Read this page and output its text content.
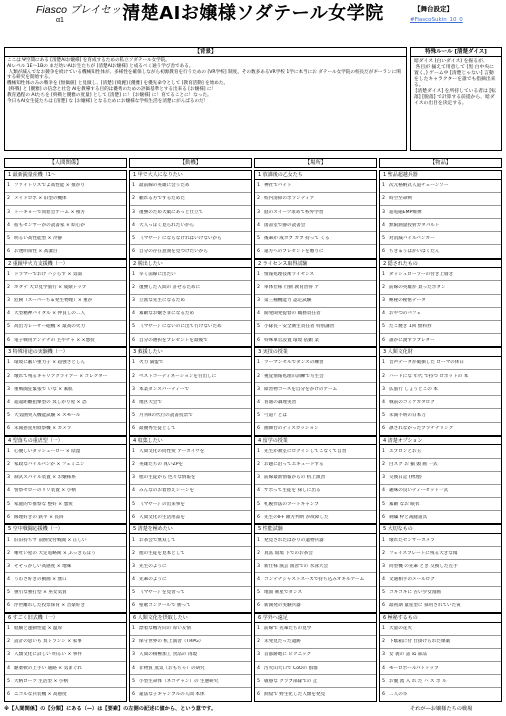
Fiasco プレイセット
α1	清楚AIお嬢様ソダテール女学院	【舞台設定】
#FiascoSukin_10_0
【背景】
ここは Ψ空間にある [清楚AIお嬢様] を育成するための私立ソダテール女学院。
AIレベル 1E〜1Bの まだ幼いAIお生たちが [清楚AIお嬢様] と成るべく通う学び舎である。
人類が滅んでなお競争を続けている機械知性体が、多様性を確保しながら初源教育を行うための [VR学校] 制度。その数多あるVR学校 1学に本当にお ダテール女学院の校長だがギーランに関する研究を開始する。
機械知性体のみの戦争を [無価値] と見做し、[清楚] [綺麗] [優雅] を優先命令として [教育活動] を始めた。
[終戦] と [優雅] の信念と社会 AIを教導する目的は優秀のための評価基準とする出来る [お嬢様] に！
教育過程の AIたちを [終戦と優雅の度量] として [清楚] に！ [お嬢様] に！育てることに！なった。
今日もAI女生徒たちは [清楚] な [お嬢様] となるためにお嬢様な学校生活を清楚にがんばるのだ！
特殊ルール [清楚ダイス]
暗ダイス (白いダイス) を振るが、
各目が 揃えて用意して (黒 白中央に置く。) ゲーム中 [清楚じゃない] 言動をしたキャラクターを誰でも指摘出来る。
[清楚ダイス] を所持している者は [転落] [脱落] で計算する前提から、暗ダイスの出目を決定する。
【人間関係】
1 最新鋭量産機（1〜
1 ファイトリスでよ高性能 × 推がり
2 メイドロボ × 旧型の機体
3 トーキョーで同窓会ゲーム × 相方
4 宿もセンサーがの読書家 × 絵心か
5 明るい高性能型 × 冷静
6 お透明知性 × 高潔目
2 重鏡甲火力支援機（一）
1 ドラマーでおけ ハジらず × 気弱
2 ホタテ 大ロ見学旅行 × 成績トップ
3 危険（スーパーちゅ発生物理）× 重か
4 大型精神バイタル × 仲良しの二人
5 高出力レーザー砲機 × 最高の火力
6 電子戦用アンテナの 主やチャ × ×悪役
3 特殊用途の実験機（一）
1 環境に蔽い重力子 × 超強さとしん
2 壊れて残るキャリアクライアー × コレクター
3 重戦闘狂緊張で いな × 素肌
4 超遠距離狙撃型の 冥しがり屋 × 恐
5 大気圏突入機能試験 × スモール
6 未開惑星用偵察機 × カメラ
4 型落ちの重虐型（一）
1 心優しいダッシューロー × 陰湿
2 家政なバイルパンか × フェミニン
3 制式スパイル装置 × お嬢様系
4 警察ゼローのリリ装置 × 小柄
5 家庭的で推察な 整好 × 悪愛
6 修理好きの 鉄平 × 長回
5 空中戦闘応援機（一）
1 旧旧持ちサ 前倒受付戦闘 × 正しい
2 唾吐い屋の 大定電略関 × ぶっきらぼう
3 そそっかしい高感度 × 地味
4 うわさ好きの動画 × 無口
5 強引な強打型 × 巫女気質
6 浮世離れした投票保育 × 音楽好き
6 すごく旧式機（一）
1 経験と運動性能 × 温厚
2 設計の思いも 冥トランシ × 家事
3 人類文化に詳しい 明るい × 事件
4 駆柔軟の上手い 通路 × 気まぐれ
5 大柄ローツ 生活型 × 小柄
6 ニコルな兵装機 × 高感度
【動機】
1 甲で大人になりたい
1 最前線の英雄に会うため
2 頼れる方でするためた
3 復讐のため大破にあっと仕立て
4 大人っぽく見られたいから
5 《マザー》にならなければいけないから
6 自分の存在意義を見つけたいから
2 脱出したい
1 早く前線に出たい
2 復讐した人間の 許せるために
3 立派な先生になるため
4 素敵なお嬢さまになるため
5 《マザー》にないのに出て行けないため
6 自分の選択をプレゼントを最後で
3 救援したい
1 火力 満盟で
2 ベストコーディネーションを目出しに
3 本業ダンスバーティーで
4 地区大会で
5 月刊Rの代行の読書投票で
6 最優秀生徒として
4 収集したい
1 人間文化の同性愛 アーカイヴを
2 英雄たちの 真いZPを
3 他の生徒から 色々な情報を
4 みんなのお着替えシーンを
5 《マザー》の出来事を
6 人間文化の生活用品を
5 清楚を極めたい
1 お茶会で無双して
2 他の生徒を見本として
3 先生のように
4 先輩のように
5 《マザー》を見習って
6 聖歌コンクールで 勝って
6 人類文化を摂取したい
1 漂着な機方向の 厚い友情
2 保守世界の 机上演習（TRPG）
3 人間の積極加工 食品の 再現
4 非物質 蒸気（おもちゃ）の研究
5 小型生命体（ネコチャン）の 生態研究
6 違法な子ギャンブルの人間 本体
【場所】
1 放課後の乙女たち
1 神社でバイト
2 校内清掃のボランティア
3 庭のスイーツ求めて校外学習
4 図書室で静の読書会
5 後輩が 成カブ カブ 持って くる
6 遠方へのプレゼントを贈りに
2 ライセンス取得試験
1 情報処理技術ライセンス
2 車体仕様 行動 教育習得 ア
3 第三種機能力 認定試験
4 開発開発提督の 職務責任者
5 小隊長・安全衛生責任者 特別講習
6 特殊軍官設置 環境 依頼 業
3 実技の授業
1 ツーマンセルでダンスの練習
2 視覚情報処理の訓練で写生会
3 障害物コースを自分をかけのゲーム
4 普通の調理実習
5 弓道？とは
6 圏舞台のディスカッション
4 留学の授業
1 先生が教室にログインしてこなくて自習
2 お題に沿ってエキュードする
3 前線最新情報からの 机上演習
4 サボって生徒を 探しに出る
5 札幌作法のプートキャンプ
6 先生のIFF 敵方判明 が故障した
5 性能試験
1 発見されたばかりの遺物兵器
2 真富 環境 下でのお茶会
3 新仕様 演芸 演習での 水泳大会
4 コンテナジャストスーズで持ち込みオキルアーム
5 地面 衛星でダンス
6 新開発の実験兵器
6 学外へ遠足
1 前線で 先輩たちの見学
2 未発見だった遺跡
3 首都跡地に ピクニック
4 汚火山大口で CoOの 群群
5 敏感な クラブ部隊での 止
6 洞窟で 野生化した人類を発見
【物品】
1 聖品超越兵器
1 次元格納式人道チェーンソー
2 時空至命剣
3 超電磁EMP爆弾
4 無限熱量投射カタパルト
5 対消滅バイルバンカー
6 ちきゅうはかいばくだん
2 隠されたもの
1 ダッシュローラーの付き上層き
2 前線の英雄が 貰ったボタン
3 極秘の秘密データ
4 おやつのパフェ
5 たこ焼き 1回 無料券
6 誰かに渡すラブレター
3 人類文化財
1 音声データが破損した ローマの休日
2 ハードにな 年代 で持つ ロボットの 本
3 仏旅行 しょうとこの 本
4 戦前のコミケカタログ
5 未開不明の日本刀
6 凛されなかったプラチナリング
4 清楚オプション
1 エプロンとお玉
2 白スク お 揃 頭 画 一式
3 交換日記 (物理)
4 趣味の良いティーセット一式
5 素敵 なお 眠衣
6 刺繍 枠と裁縫道具
5 大切なもの
1 壊れたセンサーカメラ
2 フェイスプレートに残る大きな傷
3 同型機 の先輩 とき 交換した左手
4 文通相手のメールログ
5 コキコキに 古い少女漫画
6 最初期 量産型に 採用されていた寅
6 極秘するもの
1 大量の花火
2 下駄箱に付 仕掛けられた爆薬
3 女 義の 話 ぬ 部品
4 モーロボールパトトップ
5 お腹 流 入 れ た ハ ス ポ ル
6 二人の卒
※【人間関係】の【分類】にある（—）は【要素】の左側の記述に値から、という意です。	それが―お嬢様たちの戦場
